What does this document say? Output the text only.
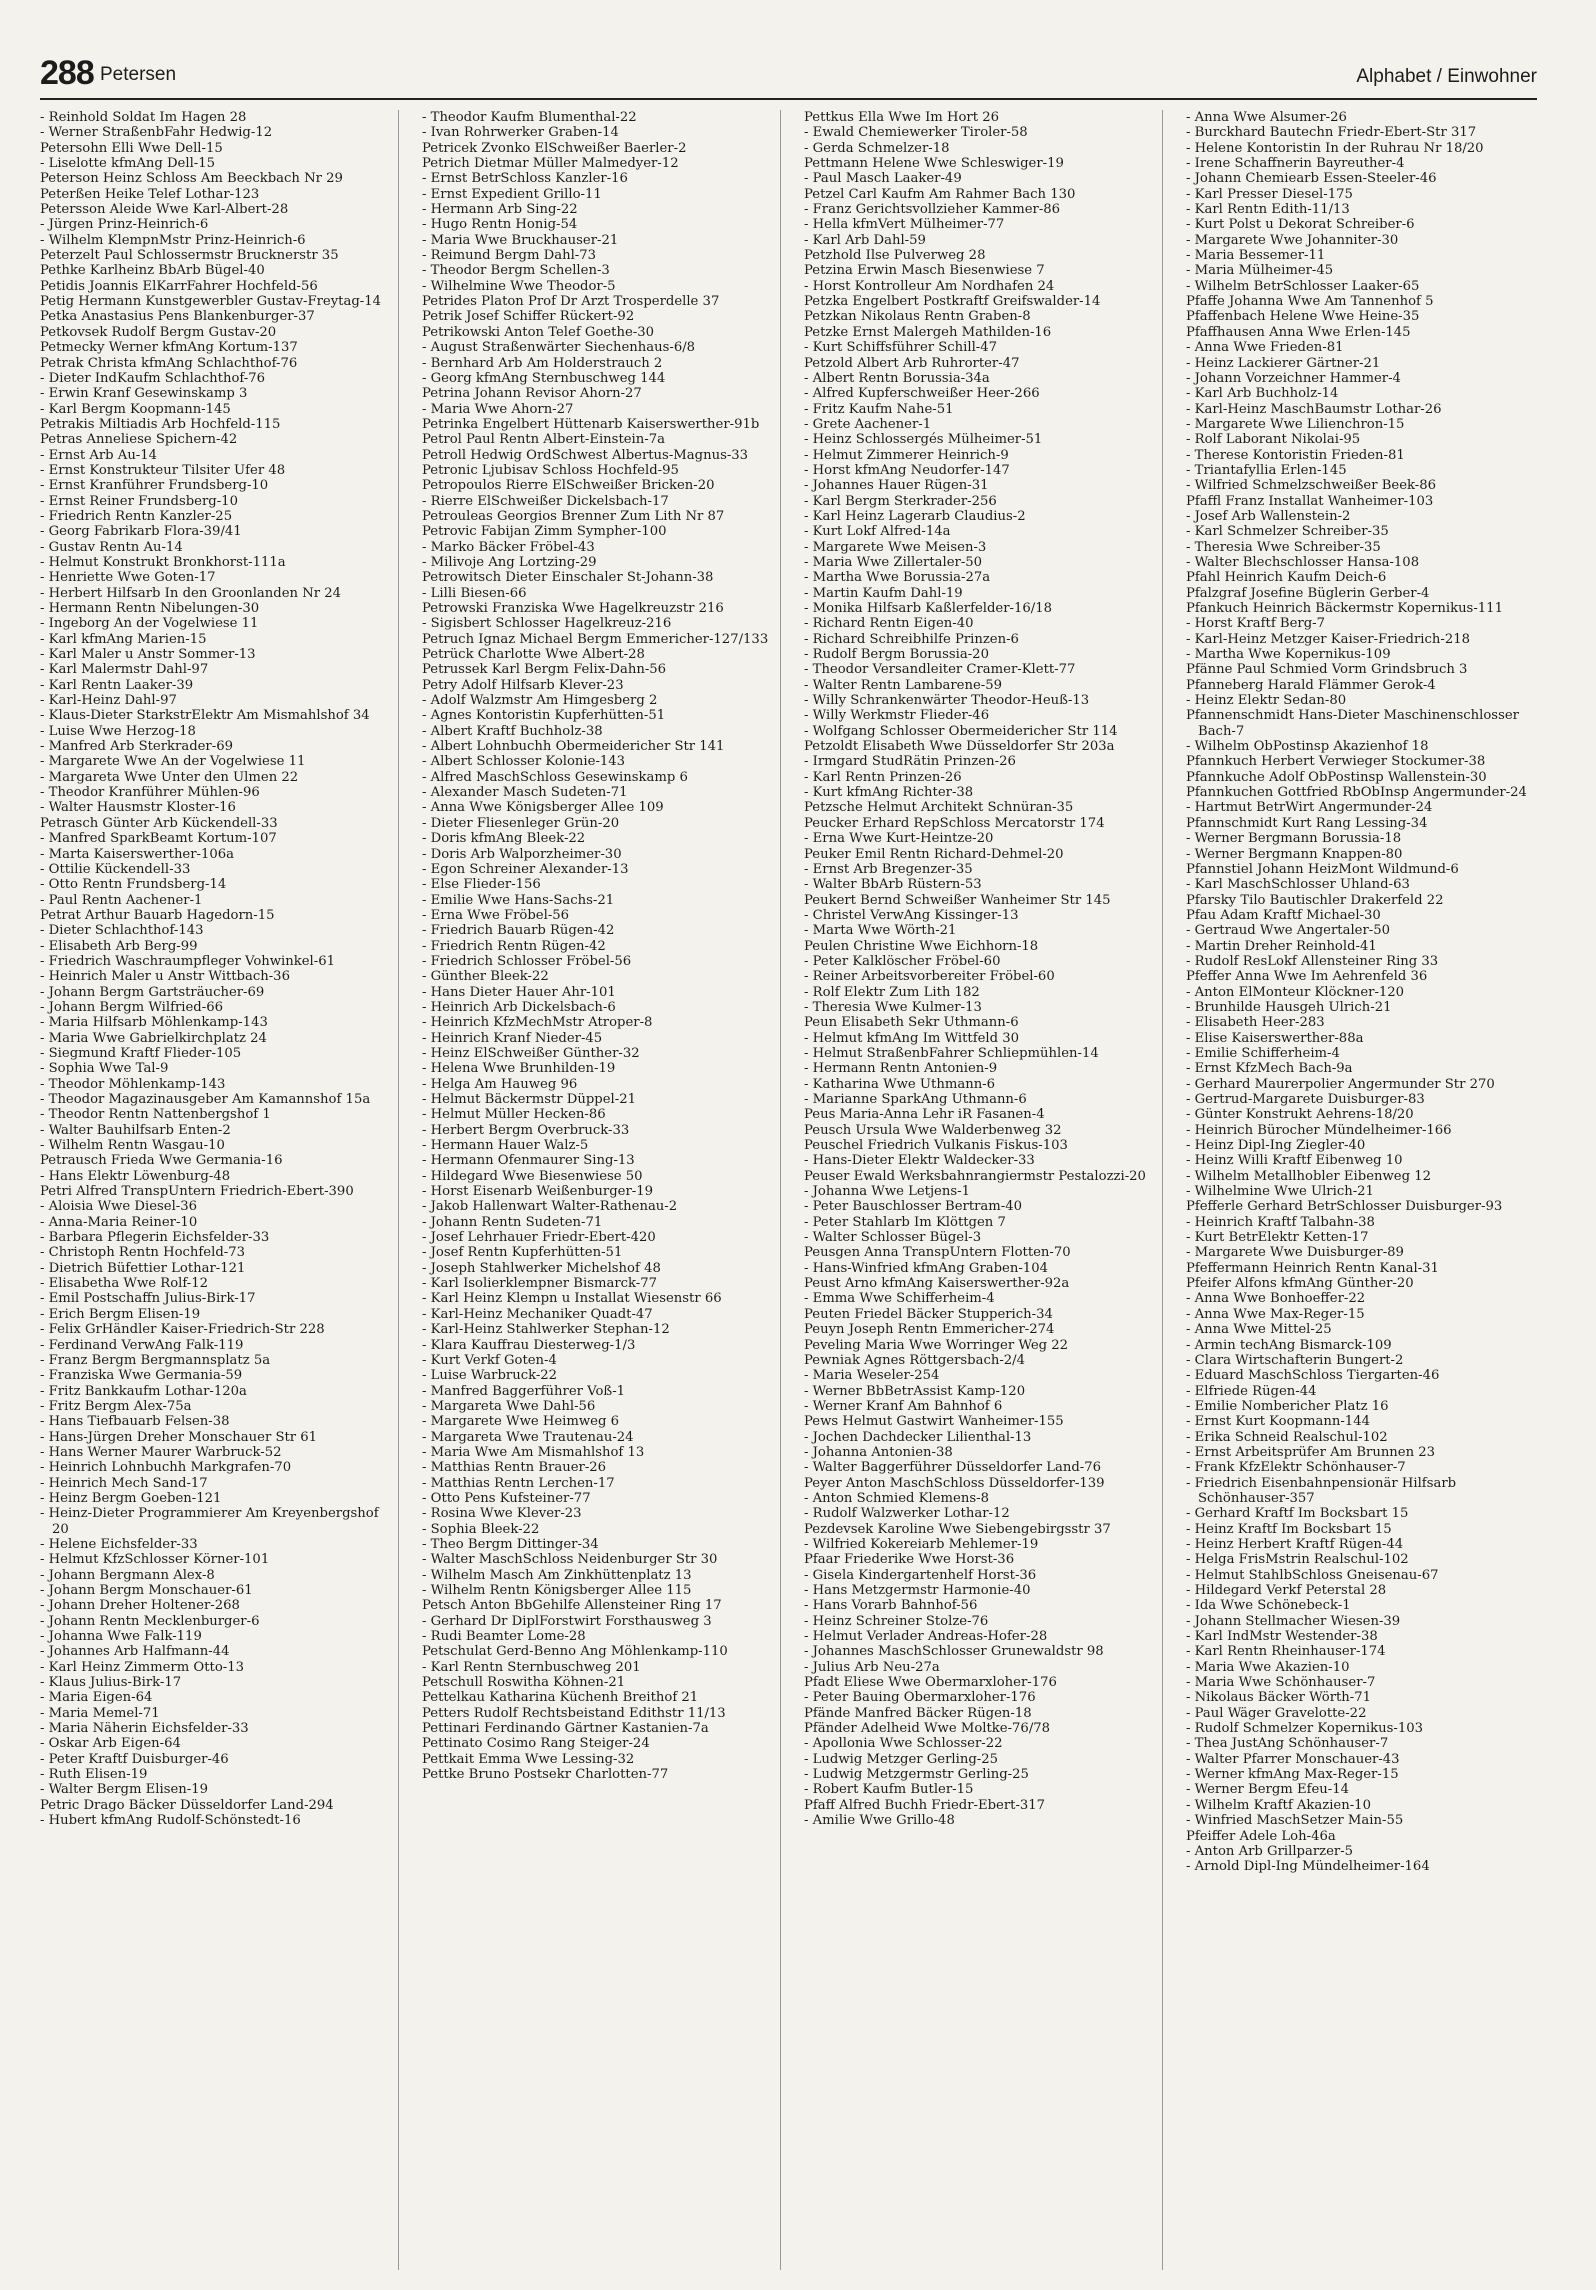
288 Petersen	Alphabet / Einwohner
- Reinhold Soldat Im Hagen 28
- Werner StraßenbFahr Hedwig-12
Petersohn Elli Wwe Dell-15
- Liselotte kfmAng Dell-15
Peterson Heinz Schloss Am Beeckbach Nr 29
Peterßen Heike Telef Lothar-123
Petersson Aleide Wwe Karl-Albert-28
- Jürgen Prinz-Heinrich-6
- Wilhelm KlempnMstr Prinz-Heinrich-6
Peterzelt Paul Schlossermstr Brucknerstr 35
Pethke Karlheinz BbArb Bügel-40
Petidis Joannis ElKarrFahrer Hochfeld-56
Petig Hermann Kunstgewerbler Gustav-Freytag-14
Petka Anastasius Pens Blankenburger-37
Petkovsek Rudolf Bergm Gustav-20
Petmecky Werner kfmAng Kortum-137
Petrak Christa kfmAng Schlachthof-76
- Dieter IndKaufm Schlachthof-76
- Erwin Kranf Gesewinskamp 3
- Karl Bergm Koopmann-145
Petrakis Miltiadis Arb Hochfeld-115
Petras Anneliese Spichern-42
- Ernst Arb Au-14
- Ernst Konstrukteur Tilsiter Ufer 48
- Ernst Kranführer Frundsberg-10
- Ernst Reiner Frundsberg-10
- Friedrich Rentn Kanzler-25
- Georg Fabrikarb Flora-39/41
- Gustav Rentn Au-14
- Helmut Konstrukt Bronkhorst-111a
- Henriette Wwe Goten-17
- Herbert Hilfsarb In den Groonlanden Nr 24
- Hermann Rentn Nibelungen-30
- Ingeborg An der Vogelwiese 11
- Karl kfmAng Marien-15
- Karl Maler u Anstr Sommer-13
- Karl Malermstr Dahl-97
- Karl Rentn Laaker-39
- Karl-Heinz Dahl-97
- Klaus-Dieter StarkstrElektr Am Mismahlshof 34
- Luise Wwe Herzog-18
- Manfred Arb Sterkrader-69
- Margarete Wwe An der Vogelwiese 11
- Margareta Wwe Unter den Ulmen 22
- Theodor Kranführer Mühlen-96
- Walter Hausmstr Kloster-16
Petrasch Günter Arb Kückendell-33
- Manfred SparkBeamt Kortum-107
- Marta Kaiserswerther-106a
- Ottilie Kückendell-33
- Otto Rentn Frundsberg-14
- Paul Rentn Aachener-1
Petrat Arthur Bauarb Hagedorn-15
- Dieter Schlachthof-143
- Elisabeth Arb Berg-99
- Friedrich Waschraumpfleger Vohwinkel-61
- Heinrich Maler u Anstr Wittbach-36
- Johann Bergm Gartsträucher-69
- Johann Bergm Wilfried-66
- Maria Hilfsarb Möhlenkamp-143
- Maria Wwe Gabrielkirchplatz 24
- Siegmund Kraftf Flieder-105
- Sophia Wwe Tal-9
- Theodor Möhlenkamp-143
- Theodor Magazinausgeber Am Kamannshof 15a
- Theodor Rentn Nattenbergshof 1
- Walter Bauhilfsarb Enten-2
- Wilhelm Rentn Wasgau-10
Petrausch Frieda Wwe Germania-16
- Hans Elektr Löwenburg-48
Petri Alfred TranspUntern Friedrich-Ebert-390
- Aloisia Wwe Diesel-36
- Anna-Maria Reiner-10
- Barbara Pflegerin Eichsfelder-33
- Christoph Rentn Hochfeld-73
- Dietrich Büfettier Lothar-121
- Elisabetha Wwe Rolf-12
- Emil Postschaffn Julius-Birk-17
- Erich Bergm Elisen-19
- Felix GrHändler Kaiser-Friedrich-Str 228
- Ferdinand VerwAng Falk-119
- Franz Bergm Bergmannsplatz 5a
- Franziska Wwe Germania-59
- Fritz Bankkaufm Lothar-120a
- Fritz Bergm Alex-75a
- Hans Tiefbauarb Felsen-38
- Hans-Jürgen Dreher Monschauer Str 61
- Hans Werner Maurer Warbruck-52
- Heinrich Lohnbuchh Markgrafen-70
- Heinrich Mech Sand-17
- Heinz Bergm Goeben-121
- Heinz-Dieter Programmierer Am Kreyenbergshof 20
- Helene Eichsfelder-33
- Helmut KfzSchlosser Körner-101
- Johann Bergmann Alex-8
- Johann Bergm Monschauer-61
- Johann Dreher Holtener-268
- Johann Rentn Mecklenburger-6
- Johanna Wwe Falk-119
- Johannes Arb Halfmann-44
- Karl Heinz Zimmerm Otto-13
- Klaus Julius-Birk-17
- Maria Eigen-64
- Maria Memel-71
- Maria Näherin Eichsfelder-33
- Oskar Arb Eigen-64
- Peter Kraftf Duisburger-46
- Ruth Elisen-19
- Walter Bergm Elisen-19
Petric Drago Bäcker Düsseldorfer Land-294
- Hubert kfmAng Rudolf-Schönstedt-16
- Theodor Kaufm Blumenthal-22
- Ivan Rohrwerker Graben-14
Petricek Zvonko ElSchweißer Baerler-2
Petrich Dietmar Müller Malmedyer-12
- Ernst BetrSchloss Kanzler-16
- Ernst Expedient Grillo-11
- Hermann Arb Sing-22
- Hugo Rentn Honig-54
- Maria Wwe Bruckhauser-21
- Reimund Bergm Dahl-73
- Theodor Bergm Schellen-3
- Wilhelmine Wwe Theodor-5
Petrides Platon Prof Dr Arzt Trosperdelle 37
Petrik Josef Schiffer Rückert-92
Petrikowski Anton Telef Goethe-30
- August Straßenwärter Siechenhaus-6/8
- Bernhard Arb Am Holderstrauch 2
- Georg kfmAng Sternbuschweg 144
Petrina Johann Revisor Ahorn-27
- Maria Wwe Ahorn-27
Petrinka Engelbert Hüttenarb Kaiserswerther-91b
Petrol Paul Rentn Albert-Einstein-7a
Petroll Hedwig OrdSchwest Albertus-Magnus-33
Petronic Ljubisav Schloss Hochfeld-95
Petropoulos Rierre ElSchweißer Bricken-20
- Rierre ElSchweißer Dickelsbach-17
Petrouleas Georgios Brenner Zum Lith Nr 87
Petrovic Fabijan Zimm Sympher-100
- Marko Bäcker Fröbel-43
- Milivoje Ang Lortzing-29
Petrowitsch Dieter Einschaler St-Johann-38
- Lilli Biesen-66
Petrowski Franziska Wwe Hagelkreuzstr 216
- Sigisbert Schlosser Hagelkreuz-216
Petruch Ignaz Michael Bergm Emmericher-127/133
Petrück Charlotte Wwe Albert-28
Petrussek Karl Bergm Felix-Dahn-56
Petry Adolf Hilfsarb Klever-23
- Adolf Walzmstr Am Himgesberg 2
- Agnes Kontoristin Kupferhütten-51
- Albert Kraftf Buchholz-38
- Albert Lohnbuchh Obermeidericher Str 141
- Albert Schlosser Kolonie-143
- Alfred MaschSchloss Gesewinskamp 6
- Alexander Masch Sudeten-71
- Anna Wwe Königsberger Allee 109
- Dieter Fliesenleger Grün-20
- Doris kfmAng Bleek-22
- Doris Arb Walporzheimer-30
- Egon Schreiner Alexander-13
- Else Flieder-156
- Emilie Wwe Hans-Sachs-21
- Erna Wwe Fröbel-56
- Friedrich Bauarb Rügen-42
- Friedrich Rentn Rügen-42
- Friedrich Schlosser Fröbel-56
- Günther Bleek-22
- Hans Dieter Hauer Ahr-101
- Heinrich Arb Dickelsbach-6
- Heinrich KfzMechMstr Atroper-8
- Heinrich Kranf Nieder-45
- Heinz ElSchweißer Günther-32
- Helena Wwe Brunhilden-19
- Helga Am Hauweg 96
- Helmut Bäckermstr Düppel-21
- Helmut Müller Hecken-86
- Herbert Bergm Overbruck-33
- Hermann Hauer Walz-5
- Hermann Ofenmaurer Sing-13
- Hildegard Wwe Biesenwiese 50
- Horst Eisenarb Weißenburger-19
- Jakob Hallenwart Walter-Rathenau-2
- Johann Rentn Sudeten-71
- Josef Lehrhauer Friedr-Ebert-420
- Josef Rentn Kupferhütten-51
- Joseph Stahlwerker Michelshof 48
- Karl Isolierklempner Bismarck-77
- Karl Heinz Klempn u Installat Wiesenstr 66
- Karl-Heinz Mechaniker Quadt-47
- Karl-Heinz Stahlwerker Stephan-12
- Klara Kauffrau Diesterweg-1/3
- Kurt Verkf Goten-4
- Luise Warbruck-22
- Manfred Baggerführer Voß-1
- Margareta Wwe Dahl-56
- Margarete Wwe Heimweg 6
- Margareta Wwe Trautenau-24
- Maria Wwe Am Mismahlshof 13
- Matthias Rentn Brauer-26
- Matthias Rentn Lerchen-17
- Otto Pens Kufsteiner-77
- Rosina Wwe Klever-23
- Sophia Bleek-22
- Theo Bergm Dittinger-34
- Walter MaschSchloss Neidenburger Str 30
- Wilhelm Masch Am Zinkhüttenplatz 13
- Wilhelm Rentn Königsberger Allee 115
Petsch Anton BbGehilfe Allensteiner Ring 17
- Gerhard Dr DiplForstwirt Forsthausweg 3
- Rudi Beamter Lome-28
Petschulat Gerd-Benno Ang Möhlenkamp-110
- Karl Rentn Sternbuschweg 201
Petschull Roswitha Köhnen-21
Pettelkau Katharina Küchenh Breithof 21
Petters Rudolf Rechtsbeistand Edithstr 11/13
Pettinari Ferdinando Gärtner Kastanien-7a
Pettinato Cosimo Rang Steiger-24
Pettkait Emma Wwe Lessing-32
Pettke Bruno Postsekr Charlotten-77
Pettkus Ella Wwe Im Hort 26
- Ewald Chemiewerker Tiroler-58
- Gerda Schmelzer-18
Pettmann Helene Wwe Schleswiger-19
- Paul Masch Laaker-49
Petzel Carl Kaufm Am Rahmer Bach 130
- Franz Gerichtsvollzieher Kammer-86
- Hella kfmVert Mülheimer-77
- Karl Arb Dahl-59
Petzhold Ilse Pulverweg 28
Petzina Erwin Masch Biesenwiese 7
- Horst Kontrolleur Am Nordhafen 24
Petzka Engelbert Postkraftf Greifswalder-14
Petzkan Nikolaus Rentn Graben-8
Petzke Ernst Malergeh Mathilden-16
- Kurt Schiffsführer Schill-47
Petzold Albert Arb Ruhrorter-47
- Albert Rentn Borussia-34a
- Alfred Kupferschweißer Heer-266
- Fritz Kaufm Nahe-51
- Grete Aachener-1
- Heinz Schlossergés Mülheimer-51
- Helmut Zimmerer Heinrich-9
- Horst kfmAng Neudorfer-147
- Johannes Hauer Rügen-31
- Karl Bergm Sterkrader-256
- Karl Heinz Lagerarb Claudius-2
- Kurt Lokf Alfred-14a
- Margarete Wwe Meisen-3
- Maria Wwe Zillertaler-50
- Martha Wwe Borussia-27a
- Martin Kaufm Dahl-19
- Monika Hilfsarb Kaßlerfelder-16/18
- Richard Rentn Eigen-40
- Richard Schreibhilfe Prinzen-6
- Rudolf Bergm Borussia-20
- Theodor Versandleiter Cramer-Klett-77
- Walter Rentn Lambarene-59
- Willy Schrankenwärter Theodor-Heuß-13
- Willy Werkmstr Flieder-46
- Wolfgang Schlosser Obermeidericher Str 114
Petzoldt Elisabeth Wwe Düsseldorfer Str 203a
- Irmgard StudRätin Prinzen-26
- Karl Rentn Prinzen-26
- Kurt kfmAng Richter-38
Petzsche Helmut Architekt Schnüran-35
Peucker Erhard RepSchloss Mercatorstr 174
- Erna Wwe Kurt-Heintze-20
Peuker Emil Rentn Richard-Dehmel-20
- Ernst Arb Bregenzer-35
- Walter BbArb Rüstern-53
Peukert Bernd Schweißer Wanheimer Str 145
- Christel VerwAng Kissinger-13
- Marta Wwe Wörth-21
Peulen Christine Wwe Eichhorn-18
- Peter Kalklöscher Fröbel-60
- Reiner Arbeitsvorbereiter Fröbel-60
- Rolf Elektr Zum Lith 182
- Theresia Wwe Kulmer-13
Peun Elisabeth Sekr Uthmann-6
- Helmut kfmAng Im Wittfeld 30
- Helmut StraßenbFahrer Schliepmühlen-14
- Hermann Rentn Antonien-9
- Katharina Wwe Uthmann-6
- Marianne SparkAng Uthmann-6
Peus Maria-Anna Lehr iR Fasanen-4
Peusch Ursula Wwe Walderbenweg 32
Peuschel Friedrich Vulkanis Fiskus-103
- Hans-Dieter Elektr Waldecker-33
Peuser Ewald Werksbahnrangiermstr Pestalozzi-20
- Johanna Wwe Letjens-1
- Peter Bauschlosser Bertram-40
- Peter Stahlarb Im Klöttgen 7
- Walter Schlosser Bügel-3
Peusgen Anna TranspUntern Flotten-70
- Hans-Winfried kfmAng Graben-104
Peust Arno kfmAng Kaiserswerther-92a
- Emma Wwe Schifferheim-4
Peuten Friedel Bäcker Stupperich-34
Peuyn Joseph Rentn Emmericher-274
Peveling Maria Wwe Worringer Weg 22
Pewniak Agnes Röttgersbach-2/4
- Maria Weseler-254
- Werner BbBetrAssist Kamp-120
- Werner Kranf Am Bahnhof 6
Pews Helmut Gastwirt Wanheimer-155
- Jochen Dachdecker Lilienthal-13
- Johanna Antonien-38
- Walter Baggerführer Düsseldorfer Land-76
Peyer Anton MaschSchloss Düsseldorfer-139
- Anton Schmied Klemens-8
- Rudolf Walzwerker Lothar-12
Pezdevsek Karoline Wwe Siebengebirgsstr 37
- Wilfried Kokereiarb Mehlemer-19
Pfaar Friederike Wwe Horst-36
- Gisela Kindergartenhelf Horst-36
- Hans Metzgermstr Harmonie-40
- Hans Vorarb Bahnhof-56
- Heinz Schreiner Stolze-76
- Helmut Verlader Andreas-Hofer-28
- Johannes MaschSchlosser Grunewaldstr 98
- Julius Arb Neu-27a
Pfadt Eliese Wwe Obermarxloher-176
- Peter Bauing Obermarxloher-176
Pfände Manfred Bäcker Rügen-18
Pfänder Adelheid Wwe Moltke-76/78
- Apollonia Wwe Schlosser-22
- Ludwig Metzger Gerling-25
- Ludwig Metzgermstr Gerling-25
- Robert Kaufm Butler-15
Pfaff Alfred Buchh Friedr-Ebert-317
- Amilie Wwe Grillo-48
- Anna Wwe Alsumer-26
- Burckhard Bautechn Friedr-Ebert-Str 317
- Helene Kontoristin In der Ruhrau Nr 18/20
- Irene Schaffnerin Bayreuther-4
- Johann Chemiearb Essen-Steeler-46
- Karl Presser Diesel-175
- Karl Rentn Edith-11/13
- Kurt Polst u Dekorat Schreiber-6
- Margarete Wwe Johanniter-30
- Maria Bessemer-11
- Maria Mülheimer-45
- Wilhelm BetrSchlosser Laaker-65
Pfaffe Johanna Wwe Am Tannenhof 5
Pfaffenbach Helene Wwe Heine-35
Pfaffhausen Anna Wwe Erlen-145
- Anna Wwe Frieden-81
- Heinz Lackierer Gärtner-21
- Johann Vorzeichner Hammer-4
- Karl Arb Buchholz-14
- Karl-Heinz MaschBaumstr Lothar-26
- Margarete Wwe Lilienchron-15
- Rolf Laborant Nikolai-95
- Therese Kontoristin Frieden-81
- Triantafyllia Erlen-145
- Wilfried Schmelzschweißer Beek-86
Pfaffl Franz Installat Wanheimer-103
- Josef Arb Wallenstein-2
- Karl Schmelzer Schreiber-35
- Theresia Wwe Schreiber-35
- Walter Blechschlosser Hansa-108
Pfahl Heinrich Kaufm Deich-6
Pfalzgraf Josefine Büglerin Gerber-4
Pfankuch Heinrich Bäckermstr Kopernikus-111
- Horst Kraftf Berg-7
- Karl-Heinz Metzger Kaiser-Friedrich-218
- Martha Wwe Kopernikus-109
Pfänne Paul Schmied Vorm Grindsbruch 3
Pfanneberg Harald Flämmer Gerok-4
- Heinz Elektr Sedan-80
Pfannenschmidt Hans-Dieter Maschinenschlosser Bach-7
- Wilhelm ObPostinsp Akazienhof 18
Pfannkuch Herbert Verwieger Stockumer-38
Pfannkuche Adolf ObPostinsp Wallenstein-30
Pfannkuchen Gottfried RbObInsp Angermunder-24
- Hartmut BetrWirt Angermunder-24
Pfannschmidt Kurt Rang Lessing-34
- Werner Bergmann Borussia-18
- Werner Bergmann Knappen-80
Pfannstiel Johann HeizMont Wildmund-6
- Karl MaschSchlosser Uhland-63
Pfarsky Tilo Bautischler Drakerfeld 22
Pfau Adam Kraftf Michael-30
- Gertraud Wwe Angertaler-50
- Martin Dreher Reinhold-41
- Rudolf ResLokf Allensteiner Ring 33
Pfeffer Anna Wwe Im Aehrenfeld 36
- Anton ElMonteur Klöckner-120
- Brunhilde Hausgeh Ulrich-21
- Elisabeth Heer-283
- Elise Kaiserswerther-88a
- Emilie Schifferheim-4
- Ernst KfzMech Bach-9a
- Gerhard Maurerpolier Angermunder Str 270
- Gertrud-Margarete Duisburger-83
- Günter Konstrukt Aehrens-18/20
- Heinrich Bürocher Mündelheimer-166
- Heinz Dipl-Ing Ziegler-40
- Heinz Willi Kraftf Eibenweg 10
- Wilhelm Metallhobler Eibenweg 12
- Wilhelmine Wwe Ulrich-21
Pfefferle Gerhard BetrSchlosser Duisburger-93
- Heinrich Kraftf Talbahn-38
- Kurt BetrElektr Ketten-17
- Margarete Wwe Duisburger-89
Pfeffermann Heinrich Rentn Kanal-31
Pfeifer Alfons kfmAng Günther-20
- Anna Wwe Bonhoeffer-22
- Anna Wwe Max-Reger-15
- Anna Wwe Mittel-25
- Armin techAng Bismarck-109
- Clara Wirtschafterin Bungert-2
- Eduard MaschSchloss Tiergarten-46
- Elfriede Rügen-44
- Emilie Nombericher Platz 16
- Ernst Kurt Koopmann-144
- Erika Schneid Realschul-102
- Ernst Arbeitsprüfer Am Brunnen 23
- Frank KfzElektr Schönhauser-7
- Friedrich Eisenbahnpensionär Hilfsarb Schönhauser-357
- Gerhard Kraftf Im Bocksbart 15
- Heinz Kraftf Im Bocksbart 15
- Heinz Herbert Kraftf Rügen-44
- Helga FrisMstrin Realschul-102
- Helmut StahlbSchloss Gneisenau-67
- Hildegard Verkf Peterstal 28
- Ida Wwe Schönebeck-1
- Johann Stellmacher Wiesen-39
- Karl IndMstr Westender-38
- Karl Rentn Rheinhauser-174
- Maria Wwe Akazien-10
- Maria Wwe Schönhauser-7
- Nikolaus Bäcker Wörth-71
- Paul Wäger Gravelotte-22
- Rudolf Schmelzer Kopernikus-103
- Thea JustAng Schönhauser-7
- Walter Pfarrer Monschauer-43
- Werner kfmAng Max-Reger-15
- Werner Bergm Efeu-14
- Wilhelm Kraftf Akazien-10
- Winfried MaschSetzer Main-55
Pfeiffer Adele Loh-46a
- Anton Arb Grillparzer-5
- Arnold Dipl-Ing Mündelheimer-164
